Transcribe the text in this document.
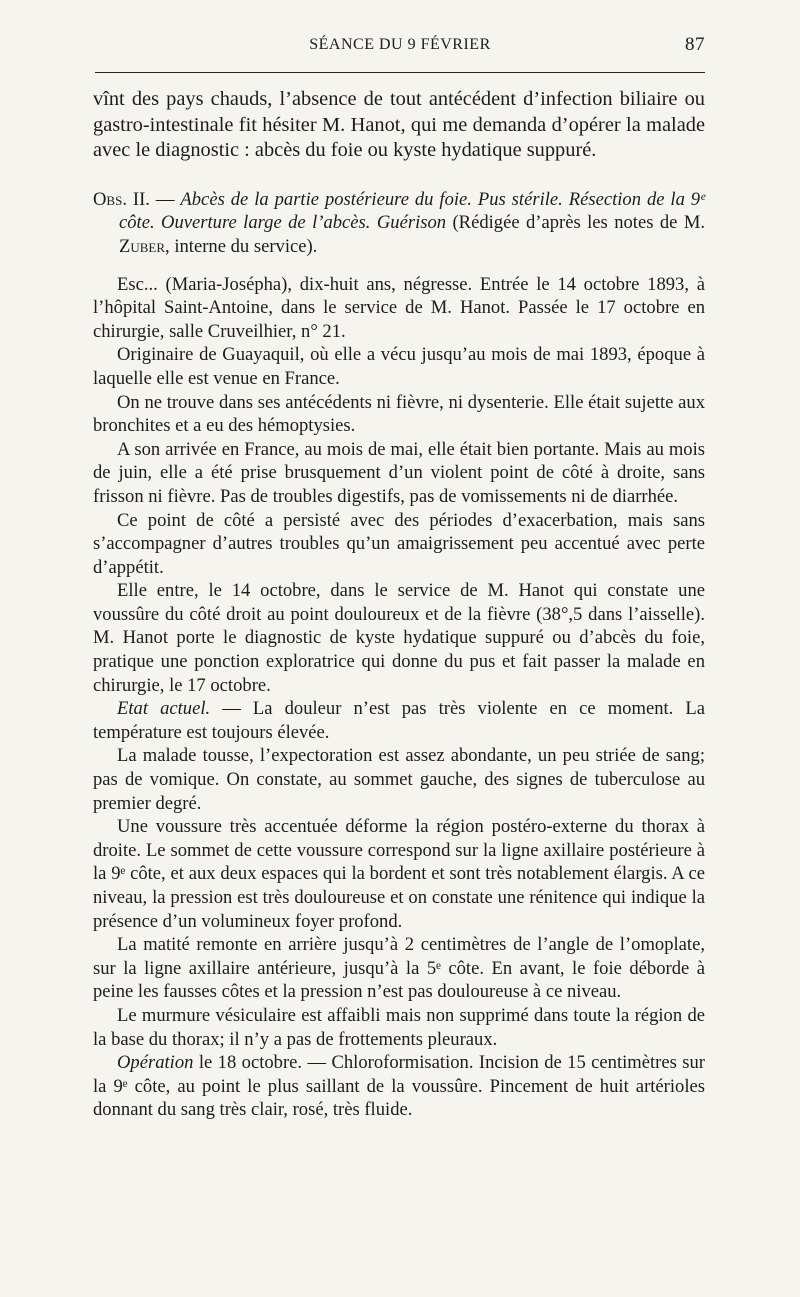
SÉANCE DU 9 FÉVRIER	87

vînt des pays chauds, l’absence de tout antécédent d’infection biliaire ou gastro-intestinale fit hésiter M. Hanot, qui me demanda d’opérer la malade avec le diagnostic : abcès du foie ou kyste hydatique suppuré.

Obs. II. — Abcès de la partie postérieure du foie. Pus stérile. Résection de la 9ᵉ côte. Ouverture large de l’abcès. Guérison (Rédigée d’après les notes de M. Zuber, interne du service).

Esc... (Maria-Josépha), dix-huit ans, négresse. Entrée le 14 octobre 1893, à l’hôpital Saint-Antoine, dans le service de M. Hanot. Passée le 17 octobre en chirurgie, salle Cruveilhier, n° 21.

Originaire de Guayaquil, où elle a vécu jusqu’au mois de mai 1893, époque à laquelle elle est venue en France.

On ne trouve dans ses antécédents ni fièvre, ni dysenterie. Elle était sujette aux bronchites et a eu des hémoptysies.

A son arrivée en France, au mois de mai, elle était bien portante. Mais au mois de juin, elle a été prise brusquement d’un violent point de côté à droite, sans frisson ni fièvre. Pas de troubles digestifs, pas de vomissements ni de diarrhée.

Ce point de côté a persisté avec des périodes d’exacerbation, mais sans s’accompagner d’autres troubles qu’un amaigrissement peu accentué avec perte d’appétit.

Elle entre, le 14 octobre, dans le service de M. Hanot qui constate une voussûre du côté droit au point douloureux et de la fièvre (38°,5 dans l’aisselle). M. Hanot porte le diagnostic de kyste hydatique suppuré ou d’abcès du foie, pratique une ponction exploratrice qui donne du pus et fait passer la malade en chirurgie, le 17 octobre.

Etat actuel. — La douleur n’est pas très violente en ce moment. La température est toujours élevée.

La malade tousse, l’expectoration est assez abondante, un peu striée de sang; pas de vomique. On constate, au sommet gauche, des signes de tuberculose au premier degré.

Une voussure très accentuée déforme la région postéro-externe du thorax à droite. Le sommet de cette voussure correspond sur la ligne axillaire postérieure à la 9ᵉ côte, et aux deux espaces qui la bordent et sont très notablement élargis. A ce niveau, la pression est très douloureuse et on constate une rénitence qui indique la présence d’un volumineux foyer profond.

La matité remonte en arrière jusqu’à 2 centimètres de l’angle de l’omoplate, sur la ligne axillaire antérieure, jusqu’à la 5ᵉ côte. En avant, le foie déborde à peine les fausses côtes et la pression n’est pas douloureuse à ce niveau.

Le murmure vésiculaire est affaibli mais non supprimé dans toute la région de la base du thorax; il n’y a pas de frottements pleuraux.

Opération le 18 octobre. — Chloroformisation. Incision de 15 centimètres sur la 9ᵉ côte, au point le plus saillant de la voussûre. Pincement de huit artérioles donnant du sang très clair, rosé, très fluide.
